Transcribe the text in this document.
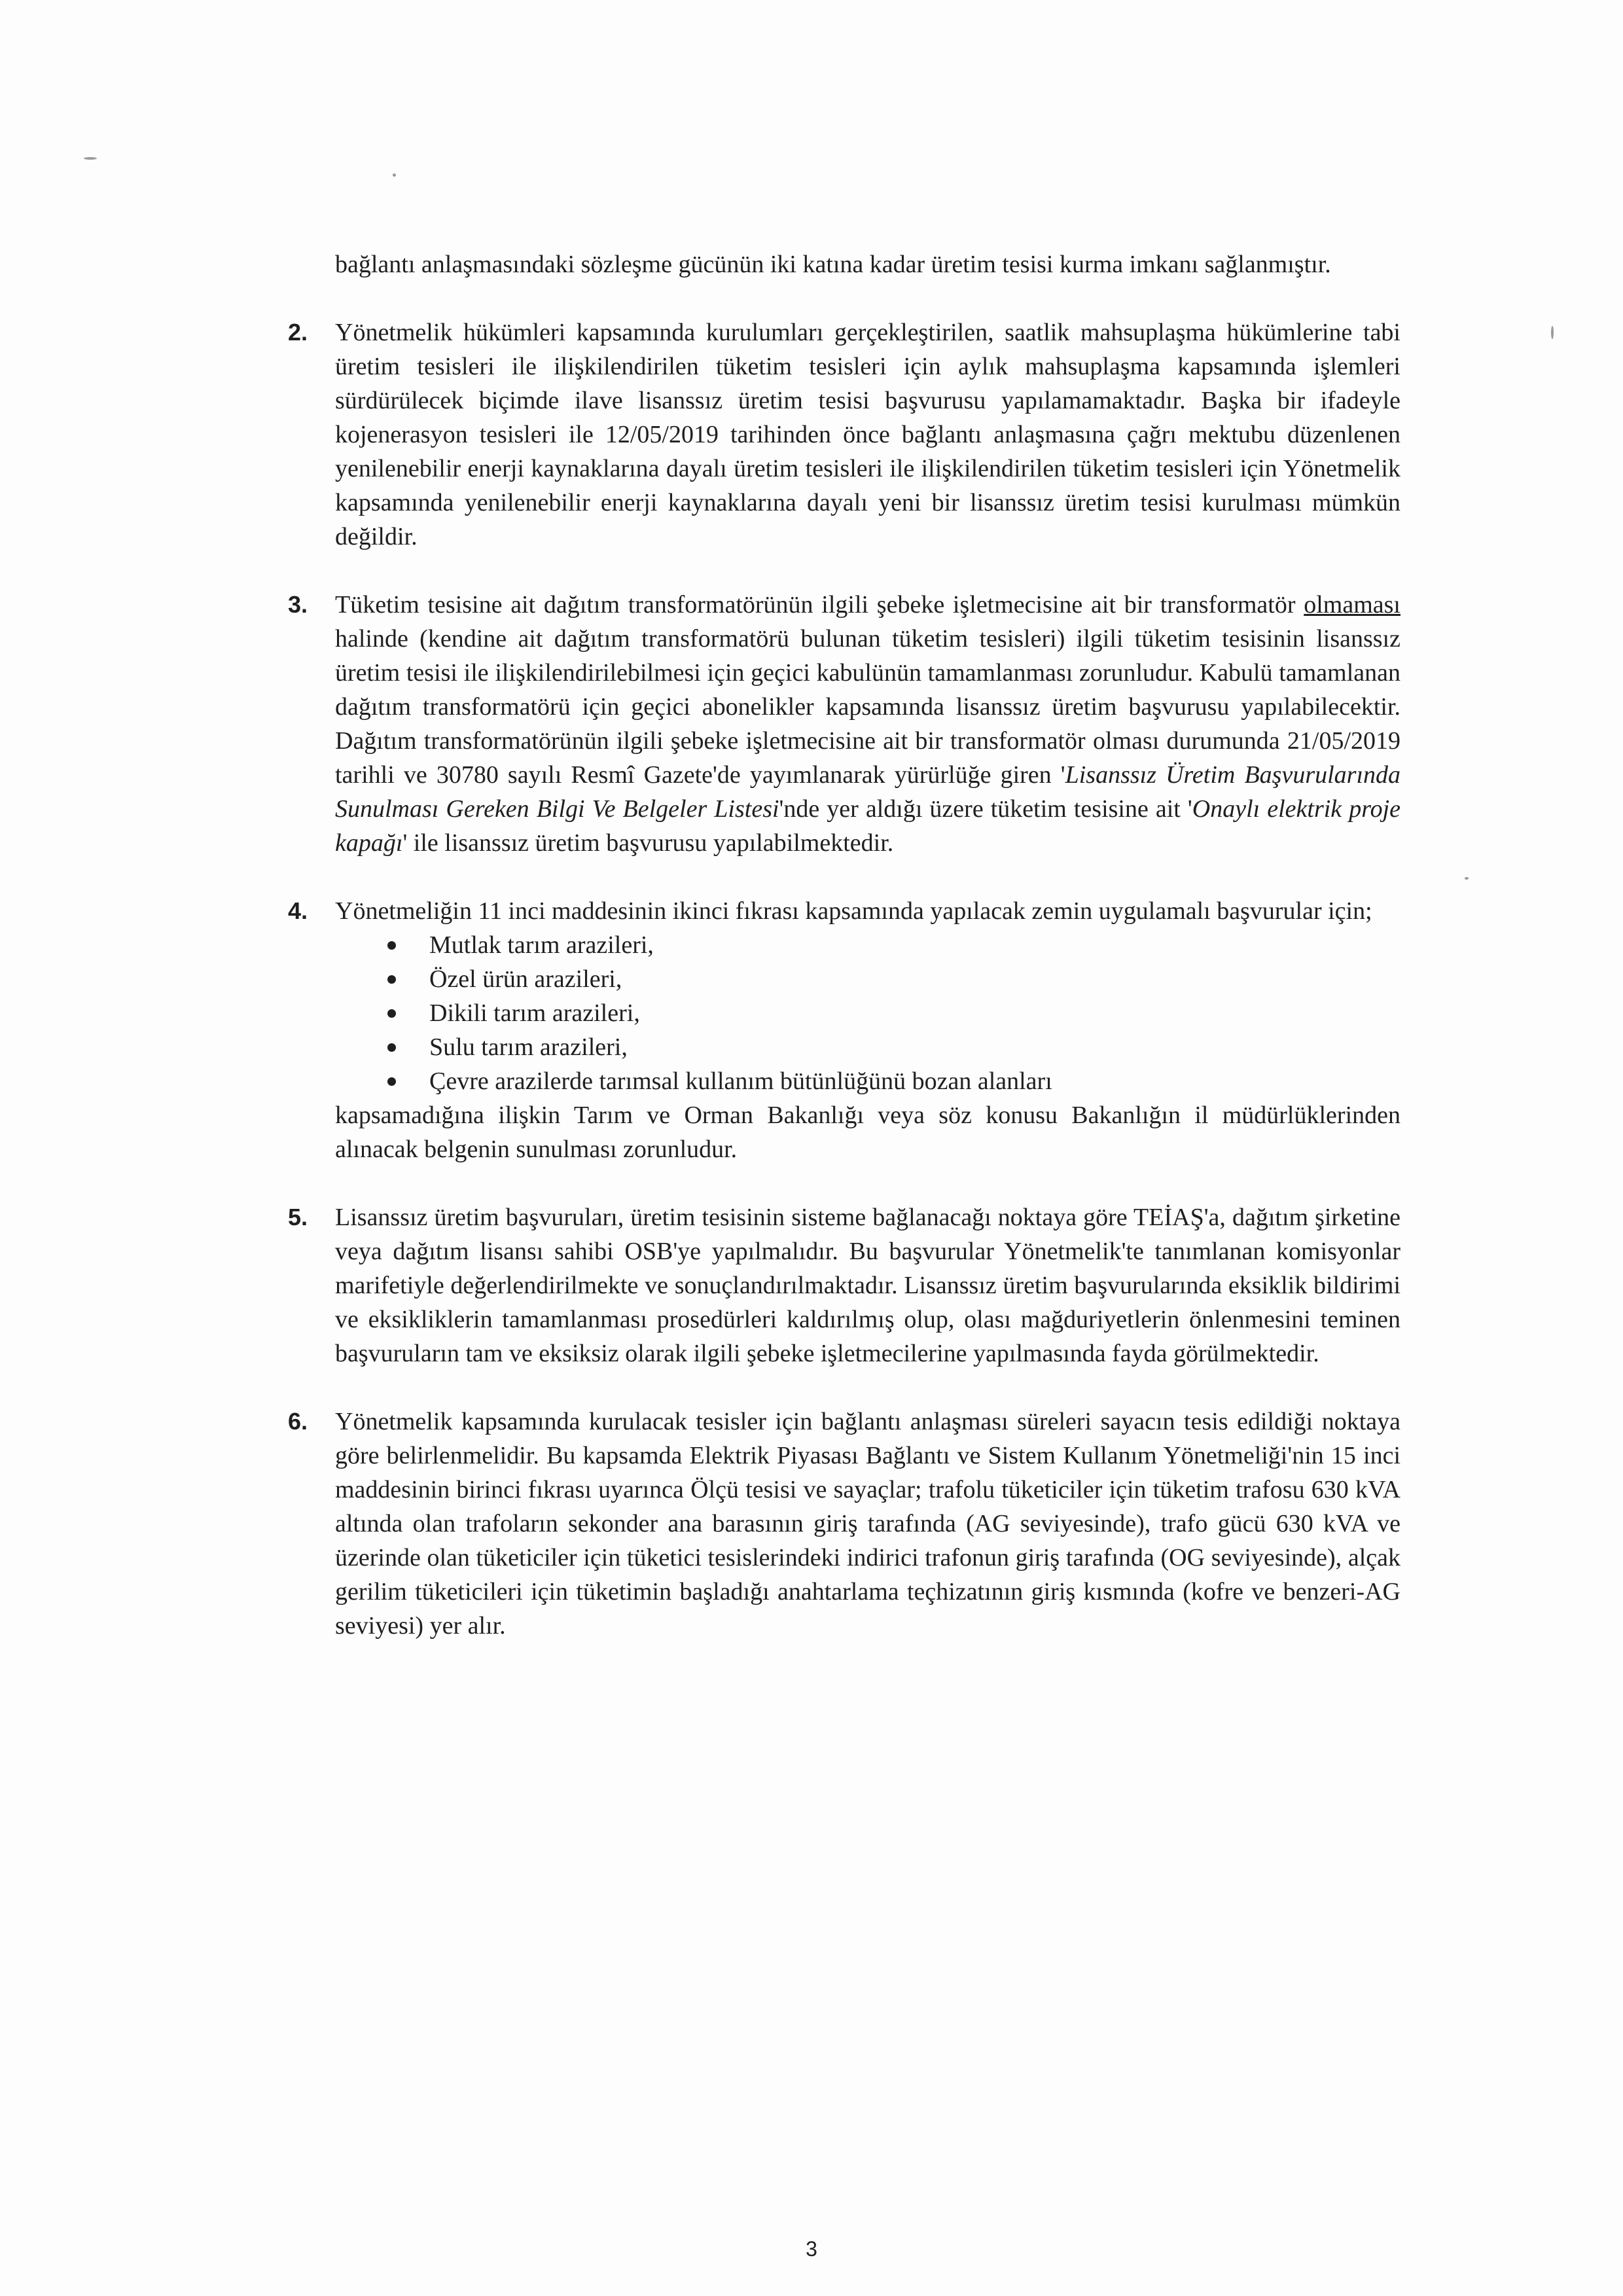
bağlantı anlaşmasındaki sözleşme gücünün iki katına kadar üretim tesisi kurma imkanı sağlanmıştır.

2. Yönetmelik hükümleri kapsamında kurulumları gerçekleştirilen, saatlik mahsuplaşma hükümlerine tabi üretim tesisleri ile ilişkilendirilen tüketim tesisleri için aylık mahsuplaşma kapsamında işlemleri sürdürülecek biçimde ilave lisanssız üretim tesisi başvurusu yapılamamaktadır. Başka bir ifadeyle kojenerasyon tesisleri ile 12/05/2019 tarihinden önce bağlantı anlaşmasına çağrı mektubu düzenlenen yenilenebilir enerji kaynaklarına dayalı üretim tesisleri ile ilişkilendirilen tüketim tesisleri için Yönetmelik kapsamında yenilenebilir enerji kaynaklarına dayalı yeni bir lisanssız üretim tesisi kurulması mümkün değildir.

3. Tüketim tesisine ait dağıtım transformatörünün ilgili şebeke işletmecisine ait bir transformatör olmaması halinde (kendine ait dağıtım transformatörü bulunan tüketim tesisleri) ilgili tüketim tesisinin lisanssız üretim tesisi ile ilişkilendirilebilmesi için geçici kabulünün tamamlanması zorunludur. Kabulü tamamlanan dağıtım transformatörü için geçici abonelikler kapsamında lisanssız üretim başvurusu yapılabilecektir. Dağıtım transformatörünün ilgili şebeke işletmecisine ait bir transformatör olması durumunda 21/05/2019 tarihli ve 30780 sayılı Resmî Gazete'de yayımlanarak yürürlüğe giren 'Lisanssız Üretim Başvurularında Sunulması Gereken Bilgi Ve Belgeler Listesi'nde yer aldığı üzere tüketim tesisine ait 'Onaylı elektrik proje kapağı' ile lisanssız üretim başvurusu yapılabilmektedir.

4. Yönetmeliğin 11 inci maddesinin ikinci fıkrası kapsamında yapılacak zemin uygulamalı başvurular için;

Mutlak tarım arazileri,
Özel ürün arazileri,
Dikili tarım arazileri,
Sulu tarım arazileri,
Çevre arazilerde tarımsal kullanım bütünlüğünü bozan alanları

kapsamadığına ilişkin Tarım ve Orman Bakanlığı veya söz konusu Bakanlığın il müdürlüklerinden alınacak belgenin sunulması zorunludur.

5. Lisanssız üretim başvuruları, üretim tesisinin sisteme bağlanacağı noktaya göre TEİAŞ'a, dağıtım şirketine veya dağıtım lisansı sahibi OSB'ye yapılmalıdır. Bu başvurular Yönetmelik'te tanımlanan komisyonlar marifetiyle değerlendirilmekte ve sonuçlandırılmaktadır. Lisanssız üretim başvurularında eksiklik bildirimi ve eksikliklerin tamamlanması prosedürleri kaldırılmış olup, olası mağduriyetlerin önlenmesini teminen başvuruların tam ve eksiksiz olarak ilgili şebeke işletmecilerine yapılmasında fayda görülmektedir.

6. Yönetmelik kapsamında kurulacak tesisler için bağlantı anlaşması süreleri sayacın tesis edildiği noktaya göre belirlenmelidir. Bu kapsamda Elektrik Piyasası Bağlantı ve Sistem Kullanım Yönetmeliği'nin 15 inci maddesinin birinci fıkrası uyarınca Ölçü tesisi ve sayaçlar; trafolu tüketiciler için tüketim trafosu 630 kVA altında olan trafoların sekonder ana barasının giriş tarafında (AG seviyesinde), trafo gücü 630 kVA ve üzerinde olan tüketiciler için tüketici tesislerindeki indirici trafonun giriş tarafında (OG seviyesinde), alçak gerilim tüketicileri için tüketimin başladığı anahtarlama teçhizatının giriş kısmında (kofre ve benzeri-AG seviyesi) yer alır.

3
